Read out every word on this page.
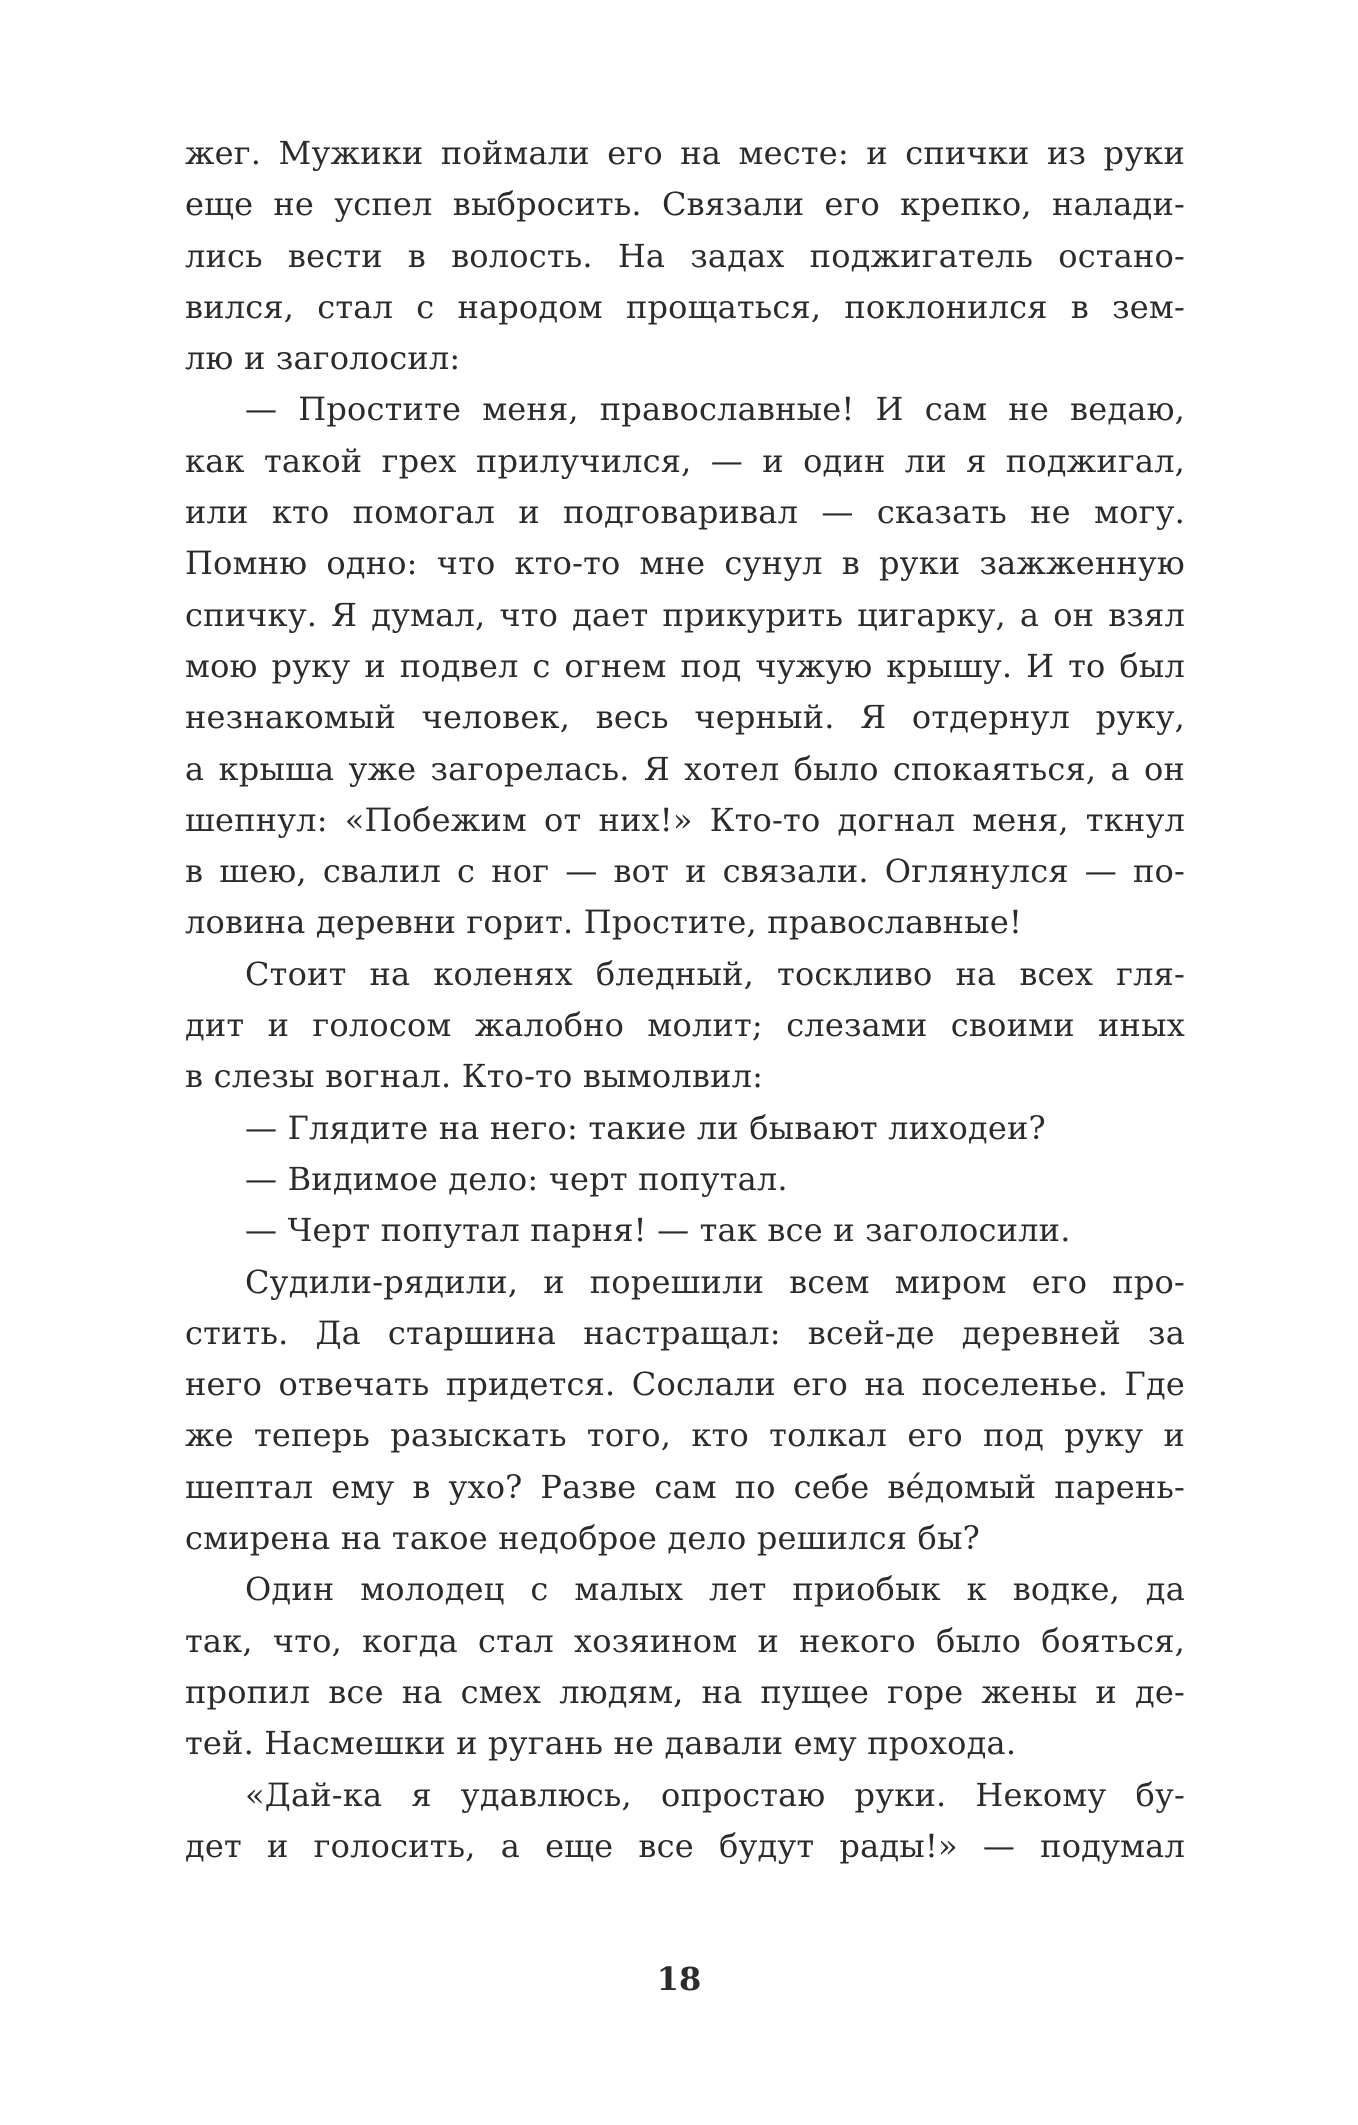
жег. Мужики поймали его на месте: и спички из руки
еще не успел выбросить. Связали его крепко, налади-
лись вести в волость. На задах поджигатель остано-
вился, стал с народом прощаться, поклонился в зем-
лю и заголосил:
— Простите меня, православные! И сам не ведаю,
как такой грех прилучился, — и один ли я поджигал,
или кто помогал и подговаривал — сказать не могу.
Помню одно: что кто-то мне сунул в руки зажженную
спичку. Я думал, что дает прикурить цигарку, а он взял
мою руку и подвел с огнем под чужую крышу. И то был
незнакомый человек, весь черный. Я отдернул руку,
а крыша уже загорелась. Я хотел было спокаяться, а он
шепнул: «Побежим от них!» Кто-то догнал меня, ткнул
в шею, свалил с ног — вот и связали. Оглянулся — по-
ловина деревни горит. Простите, православные!
Стоит на коленях бледный, тоскливо на всех гля-
дит и голосом жалобно молит; слезами своими иных
в слезы вогнал. Кто-то вымолвил:
— Глядите на него: такие ли бывают лиходеи?
— Видимое дело: черт попутал.
— Черт попутал парня! — так все и заголосили.
Судили-рядили, и порешили всем миром его про-
стить. Да старшина настращал: всей-де деревней за
него отвечать придется. Сослали его на поселенье. Где
же теперь разыскать того, кто толкал его под руку и
шептал ему в ухо? Разве сам по себе вéдомый парень-
смирена на такое недоброе дело решился бы?
Один молодец с малых лет приобык к водке, да
так, что, когда стал хозяином и некого было бояться,
пропил все на смех людям, на пущее горе жены и де-
тей. Насмешки и ругань не давали ему прохода.
«Дай-ка я удавлюсь, опростаю руки. Некому бу-
дет и голосить, а еще все будут рады!» — подумал
18
